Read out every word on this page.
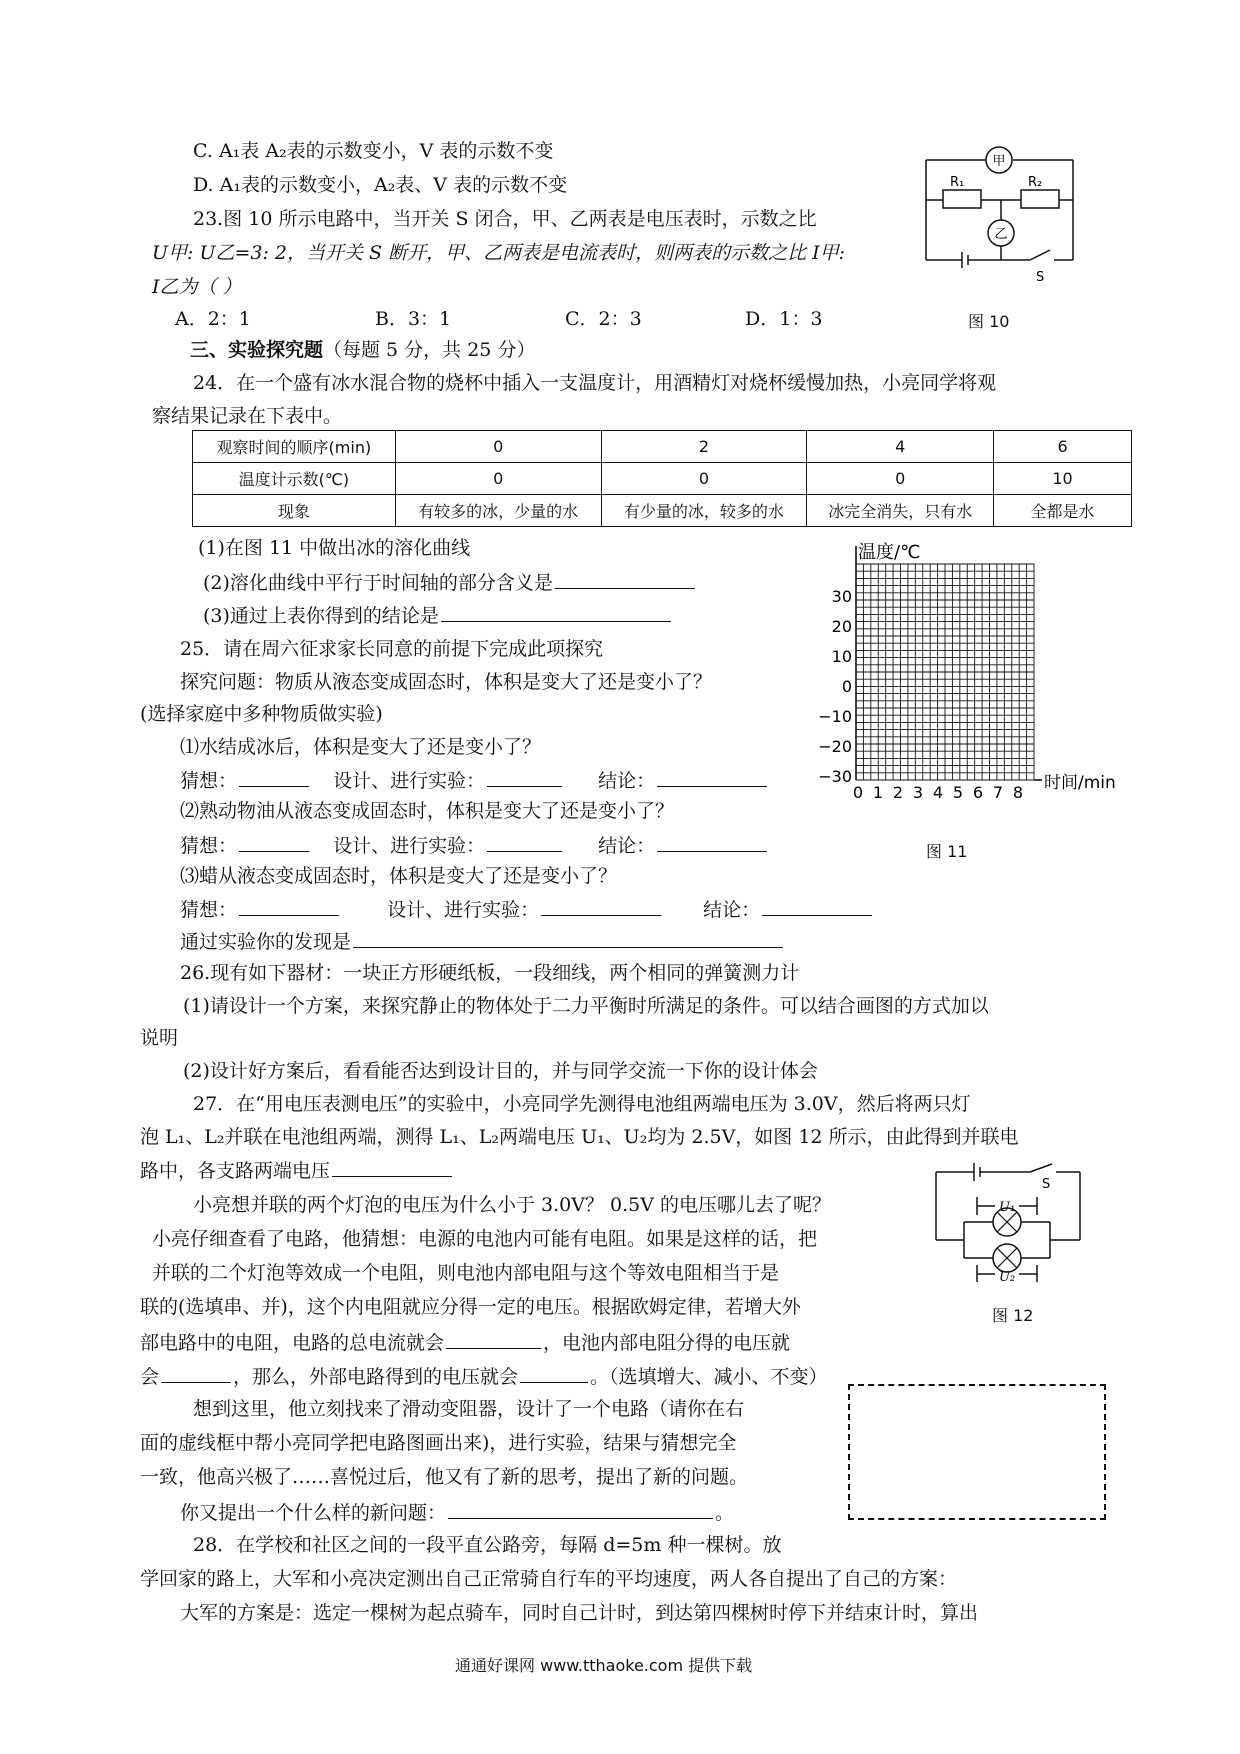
C. A₁表 A₂表的示数变小，V 表的示数不变
D. A₁表的示数变小，A₂表、V 表的示数不变
23.图 10 所示电路中，当开关 S 闭合，甲、乙两表是电压表时，示数之比
U甲: U乙=3: 2，当开关 S 断开，甲、乙两表是电流表时，则两表的示数之比 I甲:
I乙为（ ）
A．2：1	B．3：1	C．2：3	D．1：3
甲
乙
R₁	R₂
S
图 10
三、实验探究题（每题 5 分，共 25 分）
24．在一个盛有冰水混合物的烧杯中插入一支温度计，用酒精灯对烧杯缓慢加热，小亮同学将观
察结果记录在下表中。
观察时间的顺序(min)	0	2	4	6
温度计示数(℃)	0	0	0	10
现象	有较多的冰，少量的水	有少量的冰，较多的水	冰完全消失，只有水	全都是水
(1)在图 11 中做出冰的溶化曲线
(2)溶化曲线中平行于时间轴的部分含义是
(3)通过上表你得到的结论是
温度/℃
时间/min
30
20
10
0
−10
−20
−30
0 1 2 3 4 5 6 7 8
图 11
25．请在周六征求家长同意的前提下完成此项探究
探究问题：物质从液态变成固态时，体积是变大了还是变小了？
(选择家庭中多种物质做实验)
⑴水结成冰后，体积是变大了还是变小了？
猜想：	设计、进行实验：	结论：
⑵熟动物油从液态变成固态时，体积是变大了还是变小了？
猜想：	设计、进行实验：	结论：
⑶蜡从液态变成固态时，体积是变大了还是变小了？
猜想：	设计、进行实验：	结论：
通过实验你的发现是
26.现有如下器材：一块正方形硬纸板，一段细线，两个相同的弹簧测力计
(1)请设计一个方案，来探究静止的物体处于二力平衡时所满足的条件。可以结合画图的方式加以
说明
(2)设计好方案后，看看能否达到设计目的，并与同学交流一下你的设计体会
27．在“用电压表测电压”的实验中，小亮同学先测得电池组两端电压为 3.0V，然后将两只灯
泡 L₁、L₂并联在电池组两端，测得 L₁、L₂两端电压 U₁、U₂均为 2.5V，如图 12 所示，由此得到并联电
路中，各支路两端电压
小亮想并联的两个灯泡的电压为什么小于 3.0V？ 0.5V 的电压哪儿去了呢？
小亮仔细查看了电路，他猜想：电源的电池内可能有电阻。如果是这样的话，把
并联的二个灯泡等效成一个电阻，则电池内部电阻与这个等效电阻相当于是
联的(选填串、并)，这个内电阻就应分得一定的电压。根据欧姆定律，若增大外
部电路中的电阻，电路的总电流就会	，电池内部电阻分得的电压就
会	，那么，外部电路得到的电压就会	。（选填增大、减小、不变）
想到这里，他立刻找来了滑动变阻器，设计了一个电路（请你在右
面的虚线框中帮小亮同学把电路图画出来)，进行实验，结果与猜想完全
一致，他高兴极了……喜悦过后，他又有了新的思考，提出了新的问题。
你又提出一个什么样的新问题：	。
U₁
U₂
S
图 12
28．在学校和社区之间的一段平直公路旁，每隔 d=5m 种一棵树。放
学回家的路上，大军和小亮决定测出自己正常骑自行车的平均速度，两人各自提出了自己的方案：
大军的方案是：选定一棵树为起点骑车，同时自己计时，到达第四棵树时停下并结束计时，算出
通通好课网 www.tthaoke.com 提供下载
